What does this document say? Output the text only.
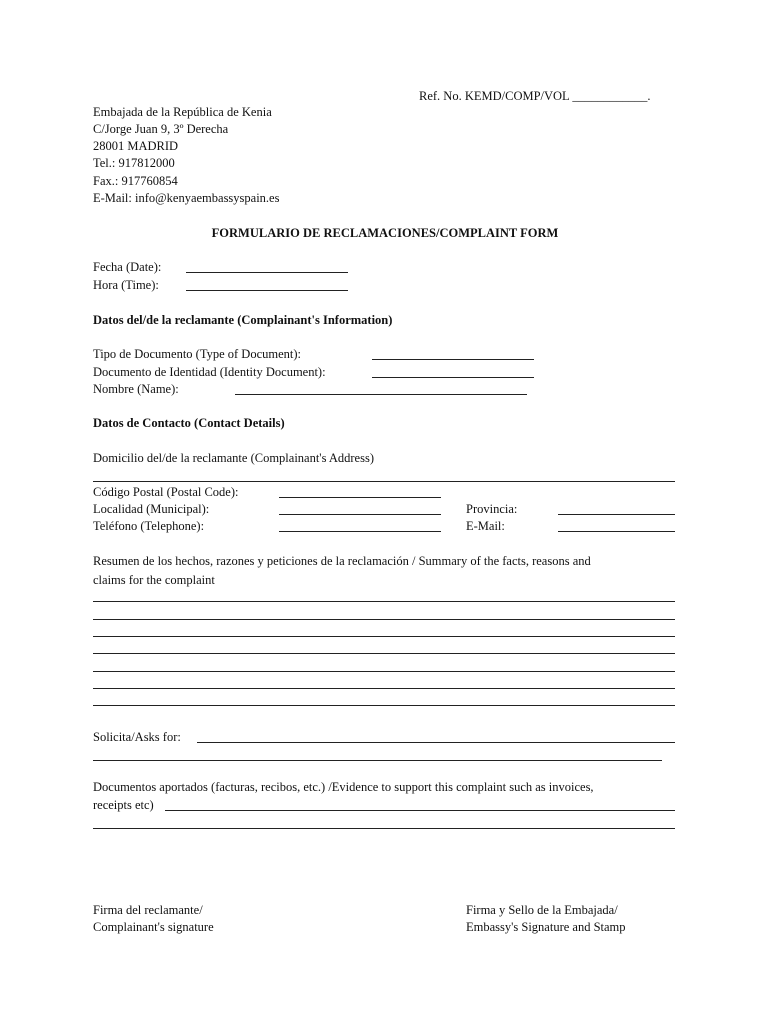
Ref. No. KEMD/COMP/VOL ____________.
Embajada de la República de Kenia
C/Jorge Juan 9, 3º Derecha
28001 MADRID
Tel.: 917812000
Fax.: 917760854
E-Mail: info@kenyaembassyspain.es
FORMULARIO DE RECLAMACIONES/COMPLAINT FORM
Fecha (Date):
Hora (Time):
Datos del/de la reclamante (Complainant's Information)
Tipo de Documento (Type of Document):
Documento de Identidad (Identity Document):
Nombre (Name):
Datos de Contacto (Contact Details)
Domicilio del/de la reclamante (Complainant's Address)
Código Postal (Postal Code):
Localidad (Municipal):	Provincia:
Teléfono (Telephone):	E-Mail:
Resumen de los hechos, razones y peticiones de la reclamación / Summary of the facts, reasons and
claims for the complaint
Solicita/Asks for:
Documentos aportados (facturas, recibos, etc.) /Evidence to support this complaint such as invoices,
receipts etc)
Firma del reclamante/
Complainant's signature
Firma y Sello de la Embajada/
Embassy's Signature and Stamp
